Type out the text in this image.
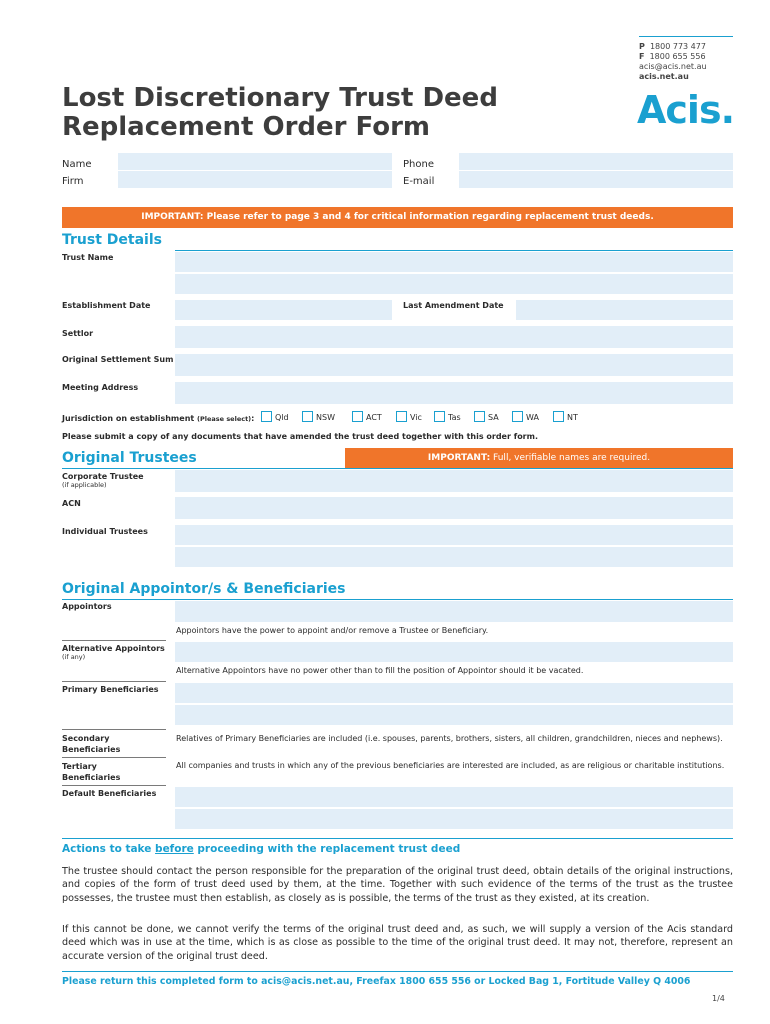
P 1800 773 477
F 1800 655 556
acis@acis.net.au
acis.net.au
Lost Discretionary Trust Deed
Replacement Order Form	Acis.
Name	Phone
Firm	E-mail
IMPORTANT: Please refer to page 3 and 4 for critical information regarding replacement trust deeds.
Trust Details
Trust Name
Establishment Date	Last Amendment Date
Settlor
Original Settlement Sum
Meeting Address
Jurisdiction on establishment (Please select):	Qld	NSW	ACT	Vic	Tas	SA	WA	NT
Please submit a copy of any documents that have amended the trust deed together with this order form.
Original Trustees	IMPORTANT: Full, verifiable names are required.
Corporate Trustee
(if applicable)
ACN
Individual Trustees
Original Appointor/s & Beneficiaries
Appointors
Appointors have the power to appoint and/or remove a Trustee or Beneficiary.
Alternative Appointors
(if any)
Alternative Appointors have no power other than to fill the position of Appointor should it be vacated.
Primary Beneficiaries
Secondary
Beneficiaries
Relatives of Primary Beneficiaries are included (i.e. spouses, parents, brothers, sisters, all children, grandchildren, nieces and nephews).
Tertiary
Beneficiaries
All companies and trusts in which any of the previous beneficiaries are interested are included, as are religious or charitable institutions.
Default Beneficiaries
Actions to take before proceeding with the replacement trust deed
The trustee should contact the person responsible for the preparation of the original trust deed, obtain details of the original instructions, and copies of the form of trust deed used by them, at the time. Together with such evidence of the terms of the trust as the trustee possesses, the trustee must then establish, as closely as is possible, the terms of the trust as they existed, at its creation.
If this cannot be done, we cannot verify the terms of the original trust deed and, as such, we will supply a version of the Acis standard deed which was in use at the time, which is as close as possible to the time of the original trust deed. It may not, therefore, represent an accurate version of the original trust deed.
Please return this completed form to acis@acis.net.au, Freefax 1800 655 556 or Locked Bag 1, Fortitude Valley Q 4006
1/4
